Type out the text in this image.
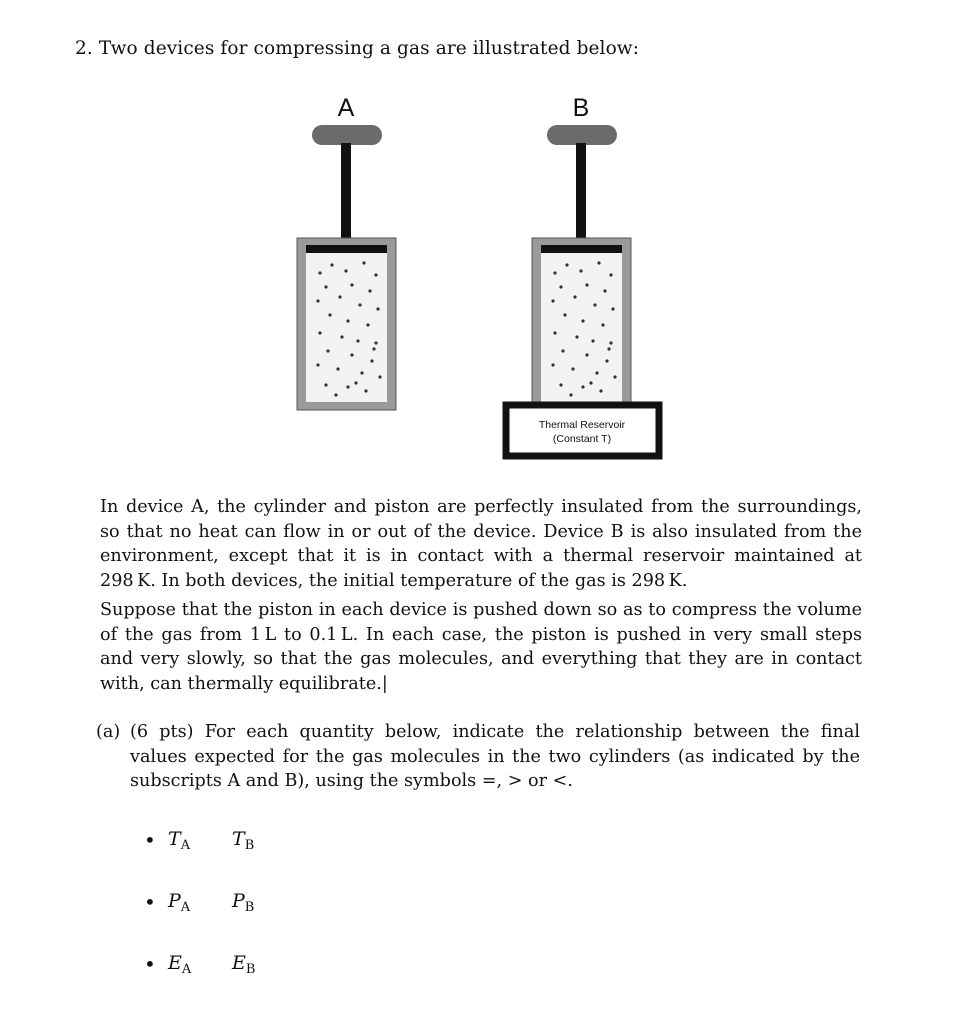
2. Two devices for compressing a gas are illustrated below:
A	B
Thermal Reservoir
(Constant T)

In device A, the cylinder and piston are perfectly insulated from the surroundings, so that no heat can flow in or out of the device. Device B is also insulated from the environment, except that it is in contact with a thermal reservoir maintained at 298 K. In both devices, the initial temperature of the gas is 298 K.

Suppose that the piston in each device is pushed down so as to compress the volume of the gas from 1 L to 0.1 L. In each case, the piston is pushed in very small steps and very slowly, so that the gas molecules, and everything that they are in contact with, can thermally equilibrate.|

(a) (6 pts) For each quantity below, indicate the relationship between the final values expected for the gas molecules in the two cylinders (as indicated by the subscripts A and B), using the symbols =, > or <.
• $T_A$ $T_B$
• $P_A$ $P_B$
• $E_A$ $E_B$
